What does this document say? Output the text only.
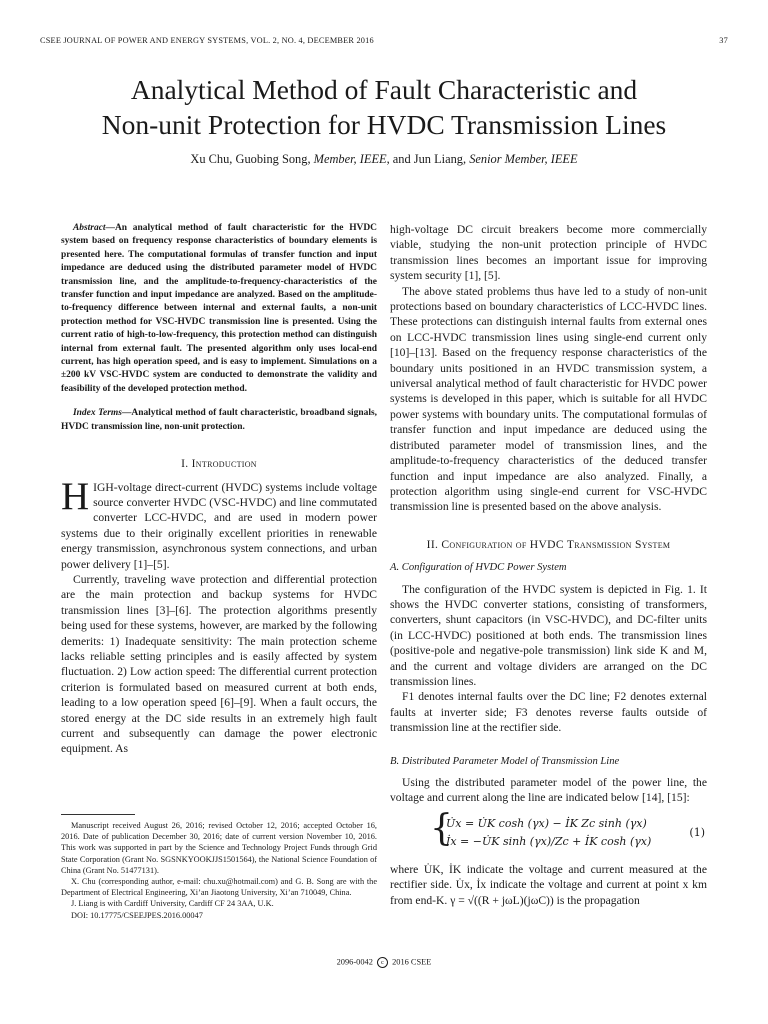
CSEE JOURNAL OF POWER AND ENERGY SYSTEMS, VOL. 2, NO. 4, DECEMBER 2016	37
Analytical Method of Fault Characteristic and
Non-unit Protection for HVDC Transmission Lines
Xu Chu, Guobing Song, Member, IEEE, and Jun Liang, Senior Member, IEEE

Abstract—An analytical method of fault characteristic for the HVDC system based on frequency response characteristics of boundary elements is presented here. The computational formulas of transfer function and input impedance are deduced using the distributed parameter model of HVDC transmission line, and the amplitude-to-frequency-characteristics of the transfer function and input impedance are analyzed. Based on the amplitude-to-frequency difference between internal and external faults, a non-unit protection method for VSC-HVDC transmission line is presented. Using the current ratio of high-to-low-frequency, this protection method can distinguish internal from external fault. The presented algorithm only uses local-end current, has high operation speed, and is easy to implement. Simulations on a ±200 kV VSC-HVDC system are conducted to demonstrate the validity and feasibility of the developed protection method.

Index Terms—Analytical method of fault characteristic, broadband signals, HVDC transmission line, non-unit protection.

I. Introduction

HIGH-voltage direct-current (HVDC) systems include voltage source converter HVDC (VSC-HVDC) and line commutated converter LCC-HVDC, and are used in modern power systems due to their originally excellent priorities in renewable energy transmission, asynchronous system connections, and urban power delivery [1]–[5].

Currently, traveling wave protection and differential protection are the main protection and backup systems for HVDC transmission lines [3]–[6]. The protection algorithms presently being used for these systems, however, are marked by the following demerits: 1) Inadequate sensitivity: The main protection scheme lacks reliable setting principles and is easily affected by system fluctuation. 2) Low action speed: The differential current protection criterion is formulated based on measured current at both ends, leading to a low operation speed [6]–[9]. When a fault occurs, the stored energy at the DC side results in an extremely high fault current and subsequently can damage the power electronic equipment. As

Manuscript received August 26, 2016; revised October 12, 2016; accepted October 16, 2016. Date of publication December 30, 2016; date of current version November 10, 2016. This work was supported in part by the Science and Technology Project Funds through Grid State Corporation (Grant No. SGSNKYOOKJJS1501564), the National Science Foundation of China (Grant No. 51477131).

X. Chu (corresponding author, e-mail: chu.xu@hotmail.com) and G. B. Song are with the Department of Electrical Engineering, Xi’an Jiaotong University, Xi’an 710049, China.

J. Liang is with Cardiff University, Cardiff CF 24 3AA, U.K.

DOI: 10.17775/CSEEJPES.2016.00047

high-voltage DC circuit breakers become more commercially viable, studying the non-unit protection principle of HVDC transmission lines becomes an important issue for improving system security [1], [5].

The above stated problems thus have led to a study of non-unit protections based on boundary characteristics of LCC-HVDC lines. These protections can distinguish internal faults from external ones on LCC-HVDC transmission lines using single-end current only [10]–[13]. Based on the frequency response characteristics of the boundary units positioned in an HVDC transmission system, a universal analytical method of fault characteristic for HVDC power systems is developed in this paper, which is suitable for all HVDC power systems with boundary units. The computational formulas of transfer function and input impedance are deduced using the distributed parameter model of transmission lines, and the amplitude-to-frequency characteristics of the deduced transfer function and input impedance are also analyzed. Finally, a protection algorithm using single-end current for VSC-HVDC transmission line is presented based on the above analysis.

II. Configuration of HVDC Transmission System
A. Configuration of HVDC Power System

The configuration of the HVDC system is depicted in Fig. 1. It shows the HVDC converter stations, consisting of transformers, converters, shunt capacitors (in VSC-HVDC), and DC-filter units (in LCC-HVDC) positioned at both ends. The transmission lines (positive-pole and negative-pole transmission) link side K and M, and the current and voltage dividers are arranged on the DC transmission lines.

F1 denotes internal faults over the DC line; F2 denotes external faults at inverter side; F3 denotes reverse faults outside of transmission line at the rectifier side.

B. Distributed Parameter Model of Transmission Line

Using the distributed parameter model of the power line, the voltage and current along the line are indicated below [14], [15]:

{
U̇x = U̇K cosh (γx) − İK Zc sinh (γx)
İx = −U̇K sinh (γx)/Zc + İK cosh (γx)
(1)

where U̇K, İK indicate the voltage and current measured at the rectifier side. U̇x, İx indicate the voltage and current at point x km from end-K. γ = √((R + jωL)(jωC)) is the propagation

2096-0042 c 2016 CSEE
